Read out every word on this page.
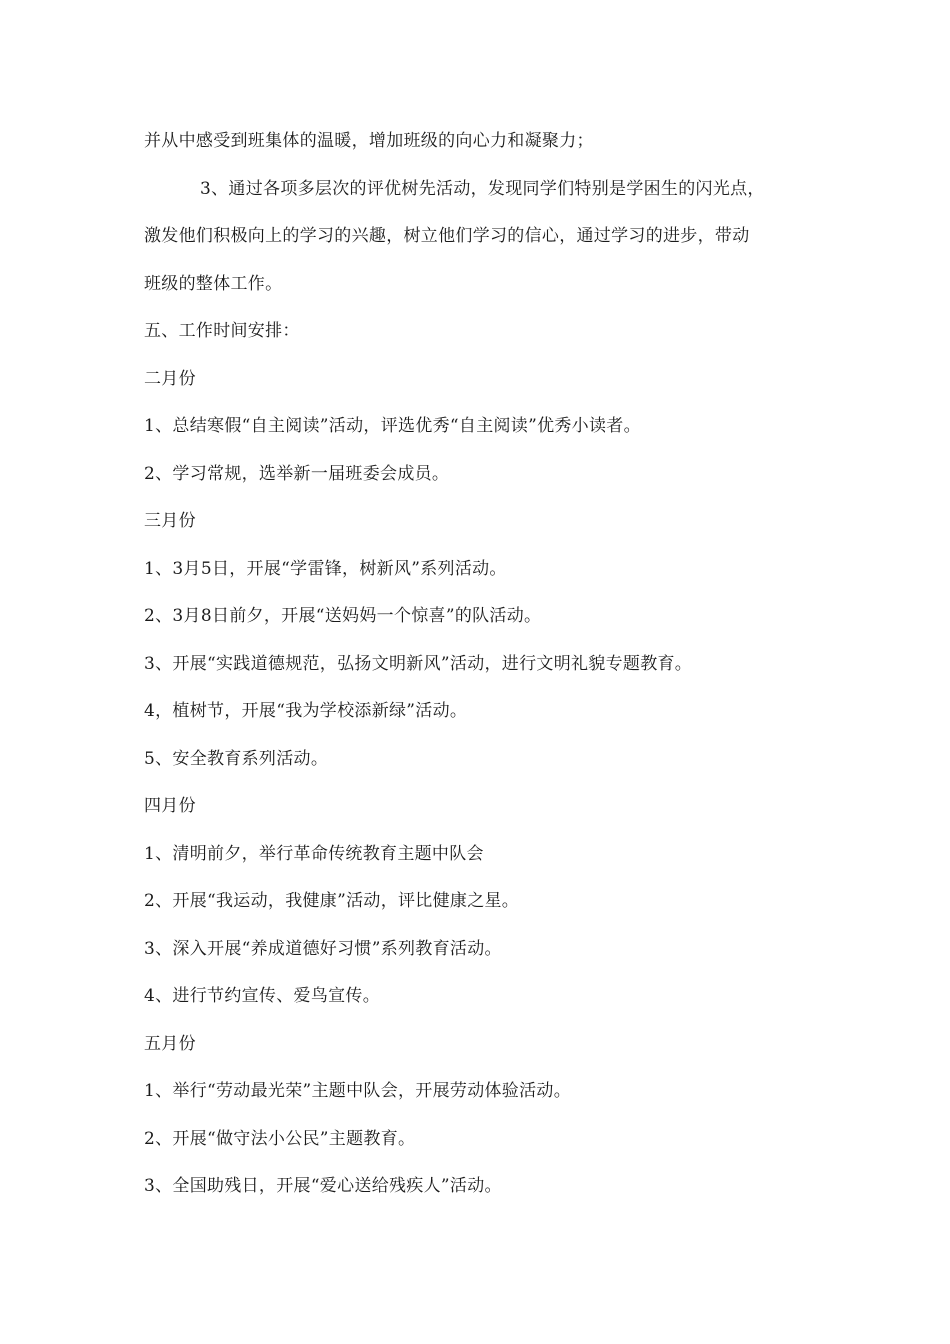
并从中感受到班集体的温暖，增加班级的向心力和凝聚力；
3、通过各项多层次的评优树先活动，发现同学们特别是学困生的闪光点，
激发他们积极向上的学习的兴趣，树立他们学习的信心，通过学习的进步，带动
班级的整体工作。
五、工作时间安排：
二月份
1、总结寒假“自主阅读”活动，评选优秀“自主阅读”优秀小读者。
2、学习常规，选举新一届班委会成员。
三月份
1、3月5日，开展“学雷锋，树新风”系列活动。
2、3月8日前夕，开展“送妈妈一个惊喜”的队活动。
3、开展“实践道德规范，弘扬文明新风”活动，进行文明礼貌专题教育。
4，植树节，开展“我为学校添新绿”活动。
5、安全教育系列活动。
四月份
1、清明前夕，举行革命传统教育主题中队会
2、开展“我运动，我健康”活动，评比健康之星。
3、深入开展“养成道德好习惯”系列教育活动。
4、进行节约宣传、爱鸟宣传。
五月份
1、举行“劳动最光荣”主题中队会，开展劳动体验活动。
2、开展“做守法小公民”主题教育。
3、全国助残日，开展“爱心送给残疾人”活动。
